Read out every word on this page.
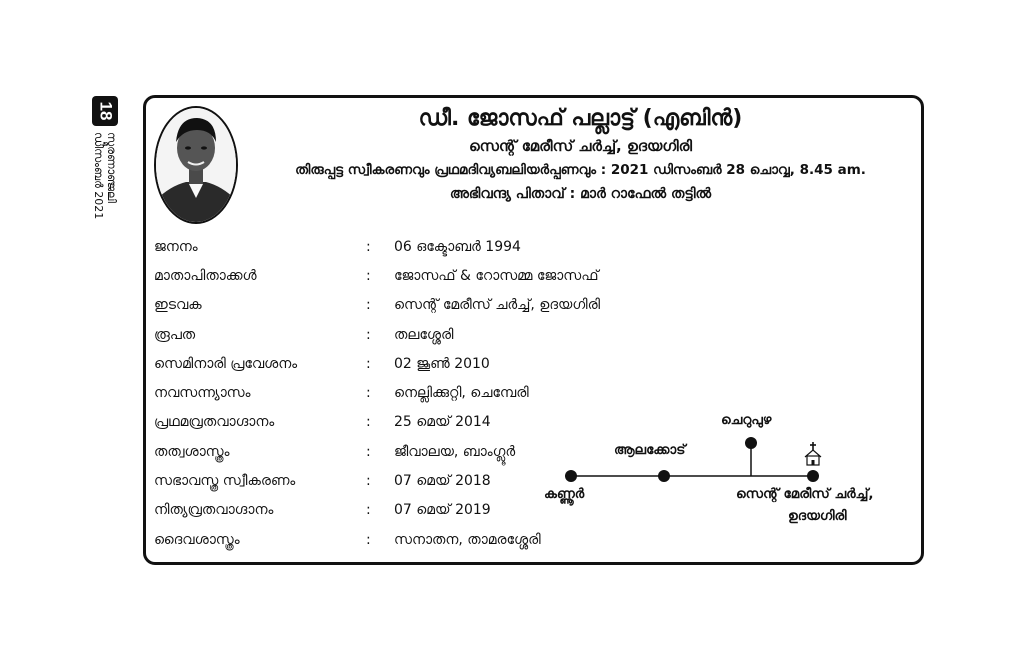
18
സ്മരണാഞ്ജലി
ഡിസംബർ 2021

ഡീ. ജോസഫ് പല്ലാട്ട് (എബിൻ)

സെന്റ് മേരീസ് ചർച്ച്, ഉദയഗിരി

തിരുപ്പട്ട സ്വീകരണവും പ്രഥമദിവ്യബലിയർപ്പണവും : 2021 ഡിസംബർ 28 ചൊവ്വ, 8.45 am.

അഭിവന്ദ്യ പിതാവ് : മാർ റാഫേൽ തട്ടിൽ

ജനനം	:	06 ഒക്ടോബർ 1994
മാതാപിതാക്കൾ	:	ജോസഫ് & റോസമ്മ ജോസഫ്
ഇടവക	:	സെന്റ് മേരീസ് ചർച്ച്, ഉദയഗിരി
രൂപത	:	തലശ്ശേരി
സെമിനാരി പ്രവേശനം	:	02 ജൂൺ 2010
നവസന്ന്യാസം	:	നെല്ലിക്കുറ്റി, ചെമ്പേരി
പ്രഥമവ്രതവാഗ്ദാനം	:	25 മെയ് 2014
തത്വശാസ്ത്രം	:	ജീവാലയ, ബാംഗ്ലൂർ
സഭാവസ്ത്ര സ്വീകരണം	:	07 മെയ് 2018
നിത്യവ്രതവാഗ്ദാനം	:	07 മെയ് 2019
ദൈവശാസ്ത്രം	:	സനാതന, താമരശ്ശേരി

ചെറുപുഴ

ആലക്കോട്

കണ്ണൂർ	സെന്റ് മേരീസ് ചർച്ച്,

ഉദയഗിരി
